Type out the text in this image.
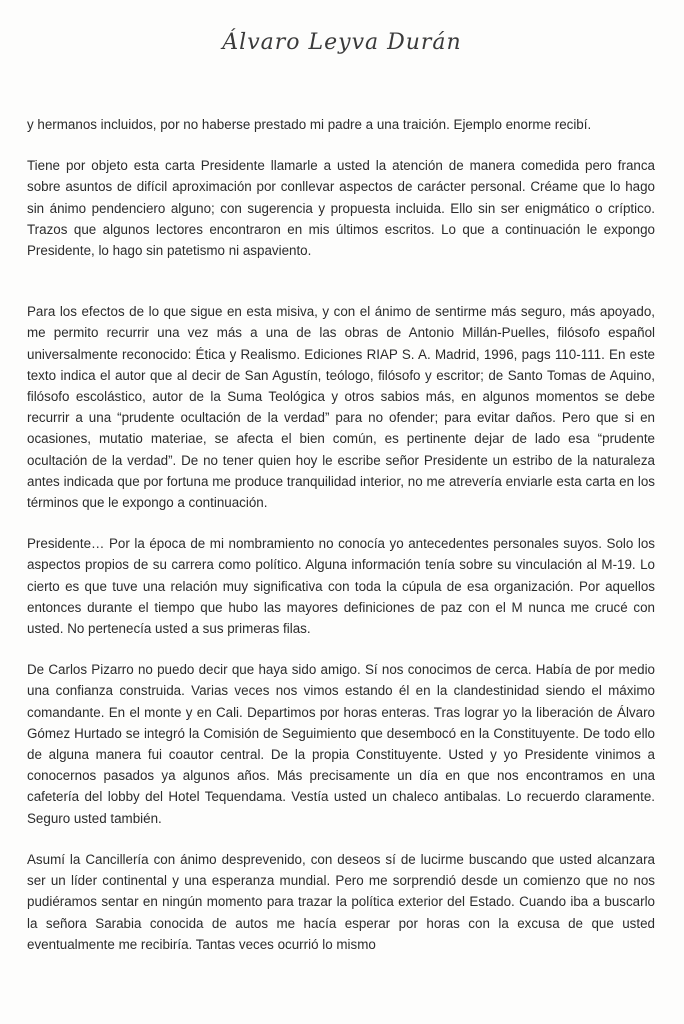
Álvaro Leyva Durán

y hermanos incluidos, por no haberse prestado mi padre a una traición. Ejemplo enorme recibí.

Tiene por objeto esta carta Presidente llamarle a usted la atención de manera comedida pero franca sobre asuntos de difícil aproximación por conllevar aspectos de carácter personal. Créame que lo hago sin ánimo pendenciero alguno; con sugerencia y propuesta incluida. Ello sin ser enigmático o críptico. Trazos que algunos lectores encontraron en mis últimos escritos. Lo que a continuación le expongo Presidente, lo hago sin patetismo ni aspaviento.

Para los efectos de lo que sigue en esta misiva, y con el ánimo de sentirme más seguro, más apoyado, me permito recurrir una vez más a una de las obras de Antonio Millán-Puelles, filósofo español universalmente reconocido: Ética y Realismo. Ediciones RIAP S. A. Madrid, 1996, pags 110-111. En este texto indica el autor que al decir de San Agustín, teólogo, filósofo y escritor; de Santo Tomas de Aquino, filósofo escolástico, autor de la Suma Teológica y otros sabios más, en algunos momentos se debe recurrir a una “prudente ocultación de la verdad” para no ofender; para evitar daños. Pero que si en ocasiones, mutatio materiae, se afecta el bien común, es pertinente dejar de lado esa “prudente ocultación de la verdad”. De no tener quien hoy le escribe señor Presidente un estribo de la naturaleza antes indicada que por fortuna me produce tranquilidad interior, no me atrevería enviarle esta carta en los términos que le expongo a continuación.

Presidente… Por la época de mi nombramiento no conocía yo antecedentes personales suyos. Solo los aspectos propios de su carrera como político. Alguna información tenía sobre su vinculación al M-19. Lo cierto es que tuve una relación muy significativa con toda la cúpula de esa organización. Por aquellos entonces durante el tiempo que hubo las mayores definiciones de paz con el M nunca me crucé con usted. No pertenecía usted a sus primeras filas.

De Carlos Pizarro no puedo decir que haya sido amigo. Sí nos conocimos de cerca. Había de por medio una confianza construida. Varias veces nos vimos estando él en la clandestinidad siendo el máximo comandante. En el monte y en Cali. Departimos por horas enteras. Tras lograr yo la liberación de Álvaro Gómez Hurtado se integró la Comisión de Seguimiento que desembocó en la Constituyente. De todo ello de alguna manera fui coautor central. De la propia Constituyente. Usted y yo Presidente vinimos a conocernos pasados ya algunos años. Más precisamente un día en que nos encontramos en una cafetería del lobby del Hotel Tequendama. Vestía usted un chaleco antibalas. Lo recuerdo claramente. Seguro usted también.

Asumí la Cancillería con ánimo desprevenido, con deseos sí de lucirme buscando que usted alcanzara ser un líder continental y una esperanza mundial. Pero me sorprendió desde un comienzo que no nos pudiéramos sentar en ningún momento para trazar la política exterior del Estado. Cuando iba a buscarlo la señora Sarabia conocida de autos me hacía esperar por horas con la excusa de que usted eventualmente me recibiría. Tantas veces ocurrió lo mismo
